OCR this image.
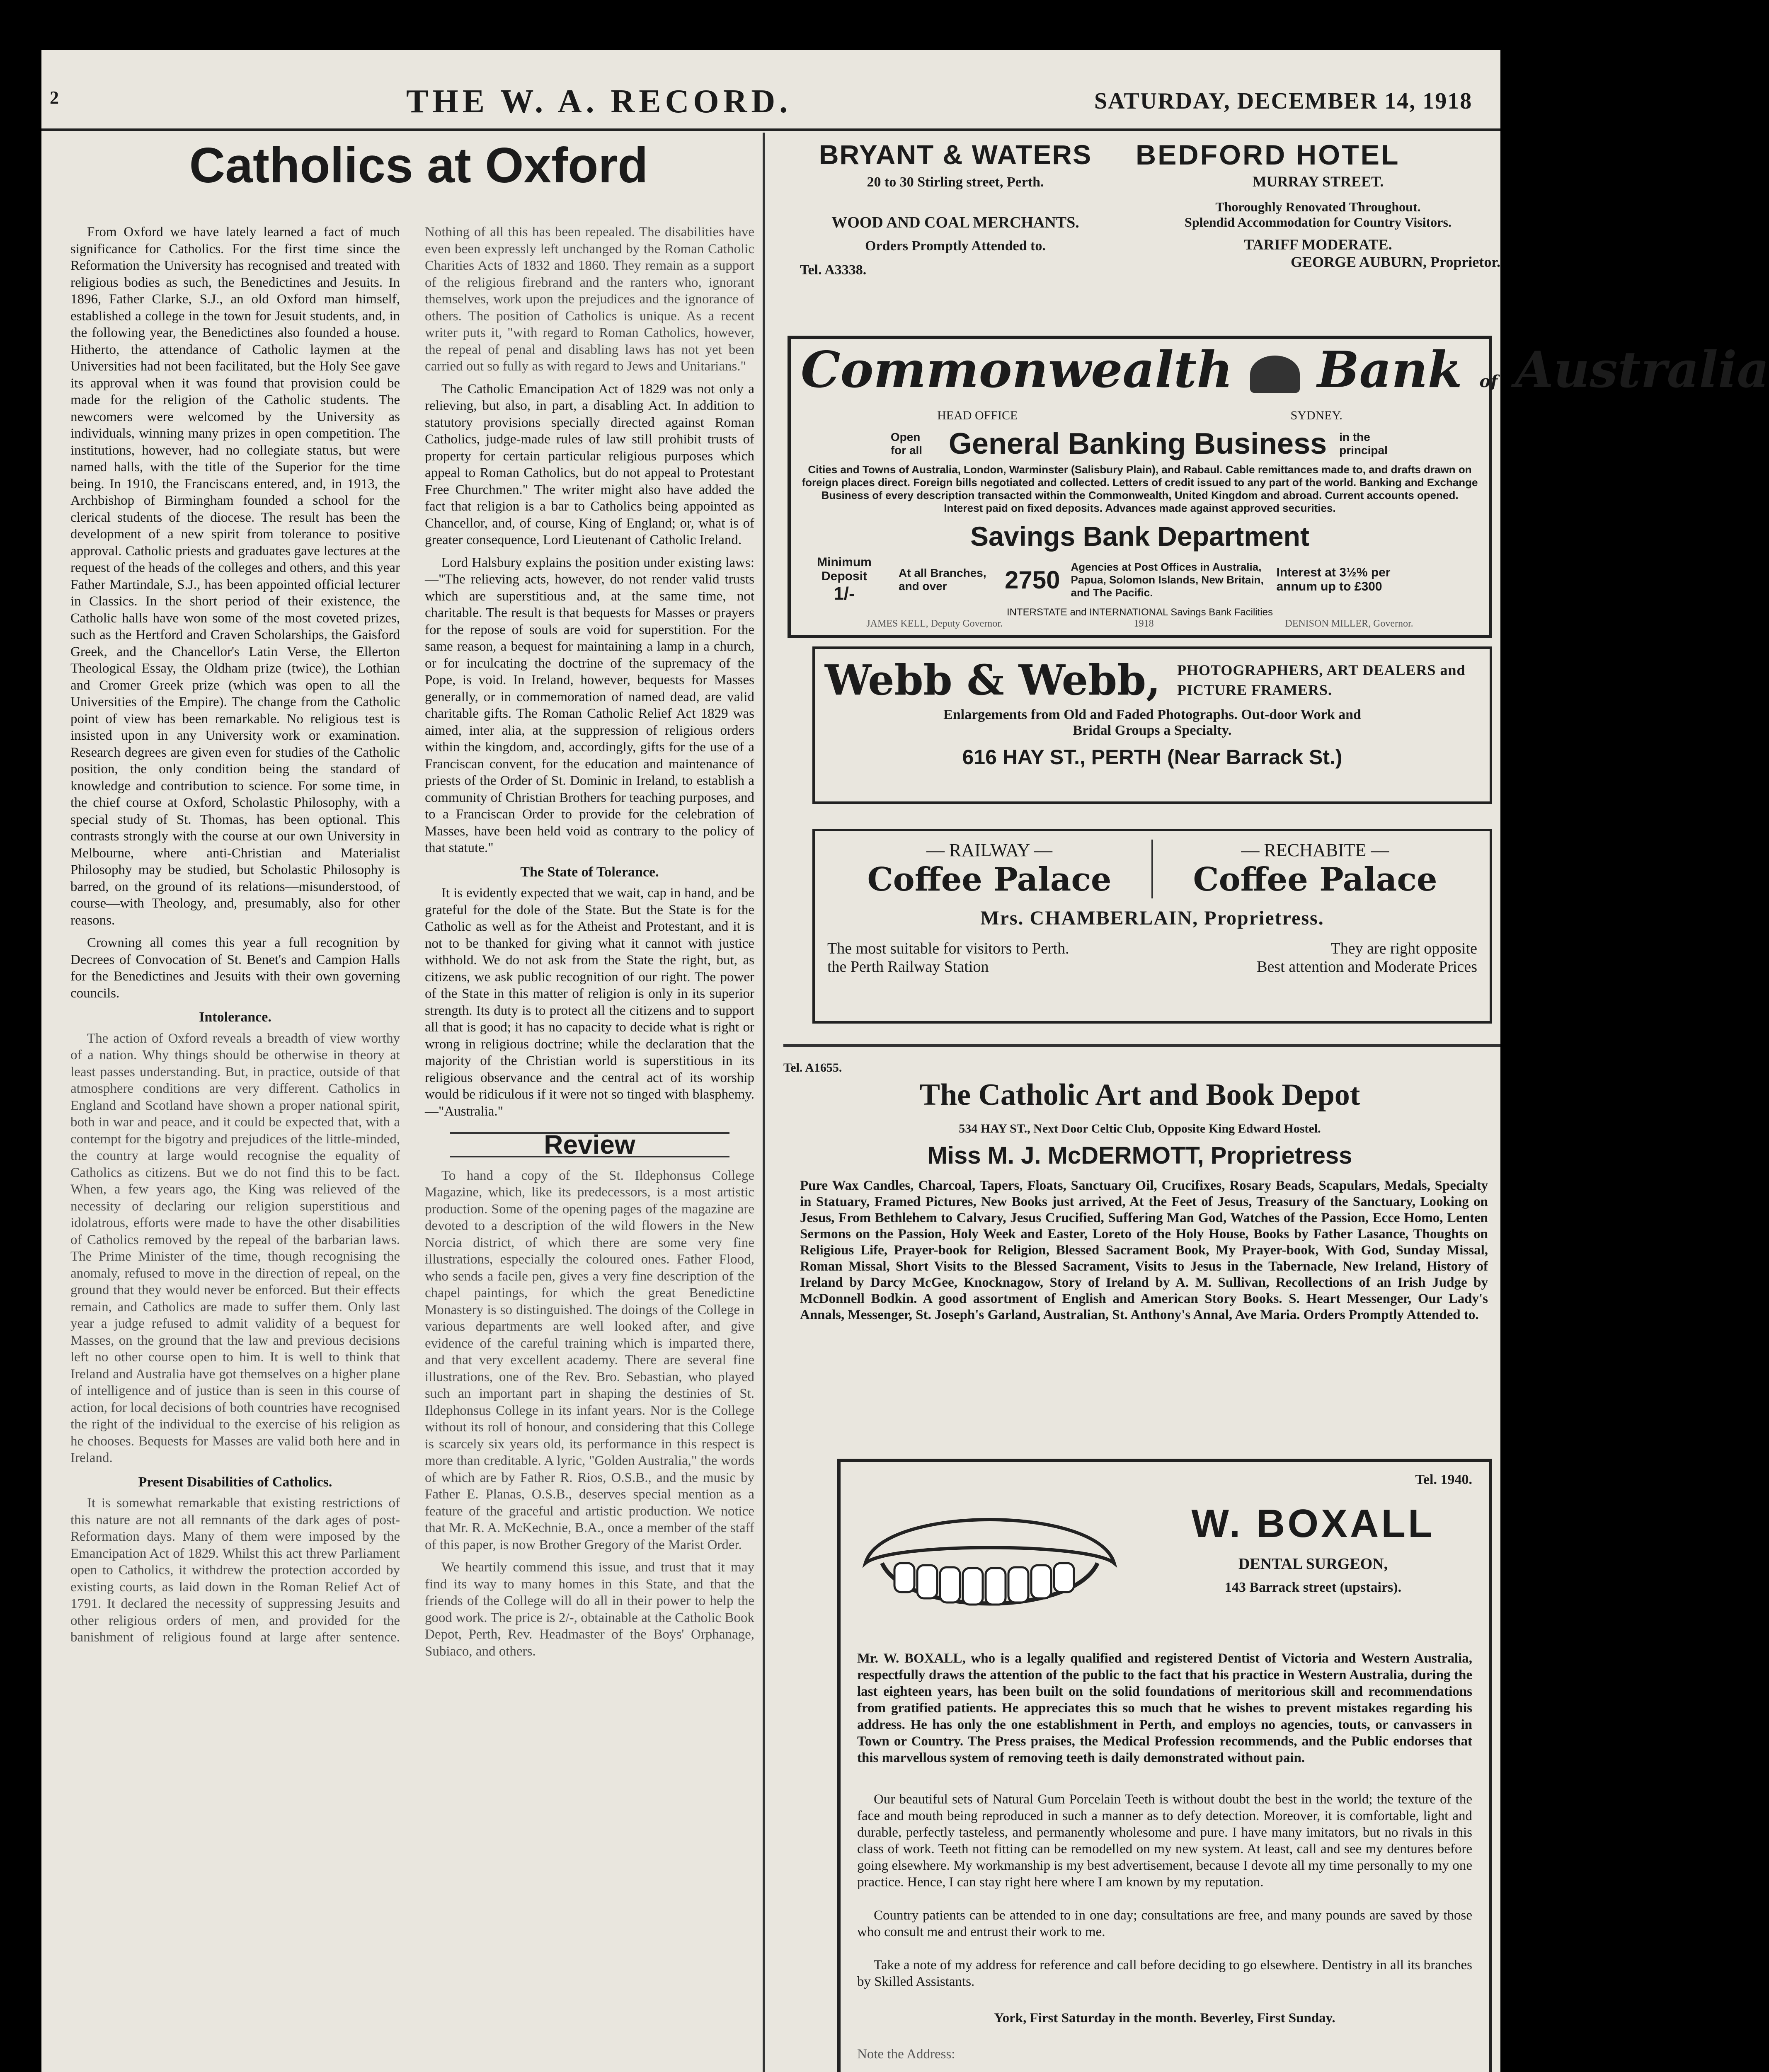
2	THE W. A. RECORD.	SATURDAY, DECEMBER 14, 1918
Catholics at Oxford

From Oxford we have lately learned a fact of much significance for Catholics. For the first time since the Reformation the University has recognised and treated with religious bodies as such, the Benedictines and Jesuits. In 1896, Father Clarke, S.J., an old Oxford man himself, established a college in the town for Jesuit students, and, in the following year, the Benedictines also founded a house. Hitherto, the attendance of Catholic laymen at the Universities had not been facilitated, but the Holy See gave its approval when it was found that provision could be made for the religion of the Catholic students. The newcomers were welcomed by the University as individuals, winning many prizes in open competition. The institutions, however, had no collegiate status, but were named halls, with the title of the Superior for the time being. In 1910, the Franciscans entered, and, in 1913, the Archbishop of Birmingham founded a school for the clerical students of the diocese. The result has been the development of a new spirit from tolerance to positive approval. Catholic priests and graduates gave lectures at the request of the heads of the colleges and others, and this year Father Martindale, S.J., has been appointed official lecturer in Classics. In the short period of their existence, the Catholic halls have won some of the most coveted prizes, such as the Hertford and Craven Scholarships, the Gaisford Greek, and the Chancellor's Latin Verse, the Ellerton Theological Essay, the Oldham prize (twice), the Lothian and Cromer Greek prize (which was open to all the Universities of the Empire). The change from the Catholic point of view has been remarkable. No religious test is insisted upon in any University work or examination. Research degrees are given even for studies of the Catholic position, the only condition being the standard of knowledge and contribution to science. For some time, in the chief course at Oxford, Scholastic Philosophy, with a special study of St. Thomas, has been optional. This contrasts strongly with the course at our own University in Melbourne, where anti-Christian and Materialist Philosophy may be studied, but Scholastic Philosophy is barred, on the ground of its relations—misunderstood, of course—with Theology, and, presumably, also for other reasons.

Crowning all comes this year a full recognition by Decrees of Convocation of St. Benet's and Campion Halls for the Benedictines and Jesuits with their own governing councils.

Intolerance.

The action of Oxford reveals a breadth of view worthy of a nation. Why things should be otherwise in theory at least passes understanding. But, in practice, outside of that atmosphere conditions are very different. Catholics in England and Scotland have shown a proper national spirit, both in war and peace, and it could be expected that, with a contempt for the bigotry and prejudices of the little-minded, the country at large would recognise the equality of Catholics as citizens. But we do not find this to be fact. When, a few years ago, the King was relieved of the necessity of declaring our religion superstitious and idolatrous, efforts were made to have the other disabilities of Catholics removed by the repeal of the barbarian laws. The Prime Minister of the time, though recognising the anomaly, refused to move in the direction of repeal, on the ground that they would never be enforced. But their effects remain, and Catholics are made to suffer them. Only last year a judge refused to admit validity of a bequest for Masses, on the ground that the law and previous decisions left no other course open to him. It is well to think that Ireland and Australia have got themselves on a higher plane of intelligence and of justice than is seen in this course of action, for local decisions of both countries have recognised the right of the individual to the exercise of his religion as he chooses. Bequests for Masses are valid both here and in Ireland.

Present Disabilities of Catholics.

It is somewhat remarkable that existing restrictions of this nature are not all remnants of the dark ages of post-Reformation days. Many of them were imposed by the Emancipation Act of 1829. Whilst this act threw Parliament open to Catholics, it withdrew the protection accorded by existing courts, as laid down in the Roman Relief Act of 1791. It declared the necessity of suppressing Jesuits and other religious orders of men, and provided for the banishment of religious found at large after sentence. Nothing of all this has been repealed. The disabilities have even been expressly left unchanged by the Roman Catholic Charities Acts of 1832 and 1860. They remain as a support of the religious firebrand and the ranters who, ignorant themselves, work upon the prejudices and the ignorance of others. The position of Catholics is unique. As a recent writer puts it, "with regard to Roman Catholics, however, the repeal of penal and disabling laws has not yet been carried out so fully as with regard to Jews and Unitarians."

The Catholic Emancipation Act of 1829 was not only a relieving, but also, in part, a disabling Act. In addition to statutory provisions specially directed against Roman Catholics, judge-made rules of law still prohibit trusts of property for certain particular religious purposes which appeal to Roman Catholics, but do not appeal to Protestant Free Churchmen." The writer might also have added the fact that religion is a bar to Catholics being appointed as Chancellor, and, of course, King of England; or, what is of greater consequence, Lord Lieutenant of Catholic Ireland.

Lord Halsbury explains the position under existing laws:—"The relieving acts, however, do not render valid trusts which are superstitious and, at the same time, not charitable. The result is that bequests for Masses or prayers for the repose of souls are void for superstition. For the same reason, a bequest for maintaining a lamp in a church, or for inculcating the doctrine of the supremacy of the Pope, is void. In Ireland, however, bequests for Masses generally, or in commemoration of named dead, are valid charitable gifts. The Roman Catholic Relief Act 1829 was aimed, inter alia, at the suppression of religious orders within the kingdom, and, accordingly, gifts for the use of a Franciscan convent, for the education and maintenance of priests of the Order of St. Dominic in Ireland, to establish a community of Christian Brothers for teaching purposes, and to a Franciscan Order to provide for the celebration of Masses, have been held void as contrary to the policy of that statute."

The State of Tolerance.

It is evidently expected that we wait, cap in hand, and be grateful for the dole of the State. But the State is for the Catholic as well as for the Atheist and Protestant, and it is not to be thanked for giving what it cannot with justice withhold. We do not ask from the State the right, but, as citizens, we ask public recognition of our right. The power of the State in this matter of religion is only in its superior strength. Its duty is to protect all the citizens and to support all that is good; it has no capacity to decide what is right or wrong in religious doctrine; while the declaration that the majority of the Christian world is superstitious in its religious observance and the central act of its worship would be ridiculous if it were not so tinged with blasphemy.—"Australia."

Review

To hand a copy of the St. Ildephonsus College Magazine, which, like its predecessors, is a most artistic production. Some of the opening pages of the magazine are devoted to a description of the wild flowers in the New Norcia district, of which there are some very fine illustrations, especially the coloured ones. Father Flood, who sends a facile pen, gives a very fine description of the chapel paintings, for which the great Benedictine Monastery is so distinguished. The doings of the College in various departments are well looked after, and give evidence of the careful training which is imparted there, and that very excellent academy. There are several fine illustrations, one of the Rev. Bro. Sebastian, who played such an important part in shaping the destinies of St. Ildephonsus College in its infant years. Nor is the College without its roll of honour, and considering that this College is scarcely six years old, its performance in this respect is more than creditable. A lyric, "Golden Australia," the words of which are by Father R. Rios, O.S.B., and the music by Father E. Planas, O.S.B., deserves special mention as a feature of the graceful and artistic production. We notice that Mr. R. A. McKechnie, B.A., once a member of the staff of this paper, is now Brother Gregory of the Marist Order.

We heartily commend this issue, and trust that it may find its way to many homes in this State, and that the friends of the College will do all in their power to help the good work. The price is 2/-, obtainable at the Catholic Book Depot, Perth, Rev. Headmaster of the Boys' Orphanage, Subiaco, and others.

BRYANT & WATERS
20 to 30 Stirling street, Perth.
WOOD AND COAL MERCHANTS.
Orders Promptly Attended to.
Tel. A3338.
BEDFORD HOTEL
MURRAY STREET.
Thoroughly Renovated Throughout.
Splendid Accommodation for Country Visitors.
TARIFF MODERATE.
GEORGE AUBURN, Proprietor.
Commonwealth Bank of Australia
HEAD OFFICE	SYDNEY.
Open for all General Banking Business in the principal
Cities and Towns of Australia, London, Warminster (Salisbury Plain), and Rabaul. Cable remittances made to, and drafts drawn on foreign places direct. Foreign bills negotiated and collected. Letters of credit issued to any part of the world. Banking and Exchange Business of every description transacted within the Commonwealth, United Kingdom and abroad. Current accounts opened. Interest paid on fixed deposits. Advances made against approved securities.
Savings Bank Department
Minimum Deposit
1/-
At all Branches, and over	2750 Agencies at Post Offices in Australia, Papua, Solomon Islands, New Britain, and The Pacific.
Interest at 3½% per annum up to £300
INTERSTATE and INTERNATIONAL Savings Bank Facilities
JAMES KELL, Deputy Governor.	1918	DENISON MILLER, Governor.
Webb & Webb, PHOTOGRAPHERS, ART DEALERS and PICTURE FRAMERS.
Enlargements from Old and Faded Photographs. Out-door Work and
Bridal Groups a Specialty.
616 HAY ST., PERTH (Near Barrack St.)
— RAILWAY —
Coffee Palace
— RECHABITE —
Coffee Palace
Mrs. CHAMBERLAIN, Proprietress.
The most suitable for visitors to Perth.	They are right opposite
the Perth Railway Station	Best attention and Moderate Prices
Tel. A1655.
The Catholic Art and Book Depot
534 HAY ST., Next Door Celtic Club, Opposite King Edward Hostel.
Miss M. J. McDERMOTT, Proprietress
Pure Wax Candles, Charcoal, Tapers, Floats, Sanctuary Oil, Crucifixes, Rosary Beads, Scapulars, Medals, Specialty in Statuary, Framed Pictures, New Books just arrived, At the Feet of Jesus, Treasury of the Sanctuary, Looking on Jesus, From Bethlehem to Calvary, Jesus Crucified, Suffering Man God, Watches of the Passion, Ecce Homo, Lenten Sermons on the Passion, Holy Week and Easter, Loreto of the Holy House, Books by Father Lasance, Thoughts on Religious Life, Prayer-book for Religion, Blessed Sacrament Book, My Prayer-book, With God, Sunday Missal, Roman Missal, Short Visits to the Blessed Sacrament, Visits to Jesus in the Tabernacle, New Ireland, History of Ireland by Darcy McGee, Knocknagow, Story of Ireland by A. M. Sullivan, Recollections of an Irish Judge by McDonnell Bodkin. A good assortment of English and American Story Books. S. Heart Messenger, Our Lady's Annals, Messenger, St. Joseph's Garland, Australian, St. Anthony's Annal, Ave Maria. Orders Promptly Attended to.
Tel. 1940.
W. BOXALL
DENTAL SURGEON,
143 Barrack street (upstairs).
Mr. W. BOXALL, who is a legally qualified and registered Dentist of Victoria and Western Australia, respectfully draws the attention of the public to the fact that his practice in Western Australia, during the last eighteen years, has been built on the solid foundations of meritorious skill and recommendations from gratified patients. He appreciates this so much that he wishes to prevent mistakes regarding his address. He has only the one establishment in Perth, and employs no agencies, touts, or canvassers in Town or Country. The Press praises, the Medical Profession recommends, and the Public endorses that this marvellous system of removing teeth is daily demonstrated without pain.
Our beautiful sets of Natural Gum Porcelain Teeth is without doubt the best in the world; the texture of the face and mouth being reproduced in such a manner as to defy detection. Moreover, it is comfortable, light and durable, perfectly tasteless, and permanently wholesome and pure. I have many imitators, but no rivals in this class of work. Teeth not fitting can be remodelled on my new system. At least, call and see my dentures before going elsewhere. My workmanship is my best advertisement, because I devote all my time personally to my one practice. Hence, I can stay right here where I am known by my reputation.
Country patients can be attended to in one day; consultations are free, and many pounds are saved by those who consult me and entrust their work to me.
Take a note of my address for reference and call before deciding to go elsewhere. Dentistry in all its branches by Skilled Assistants.
York, First Saturday in the month. Beverley, First Sunday.
Note the Address:
